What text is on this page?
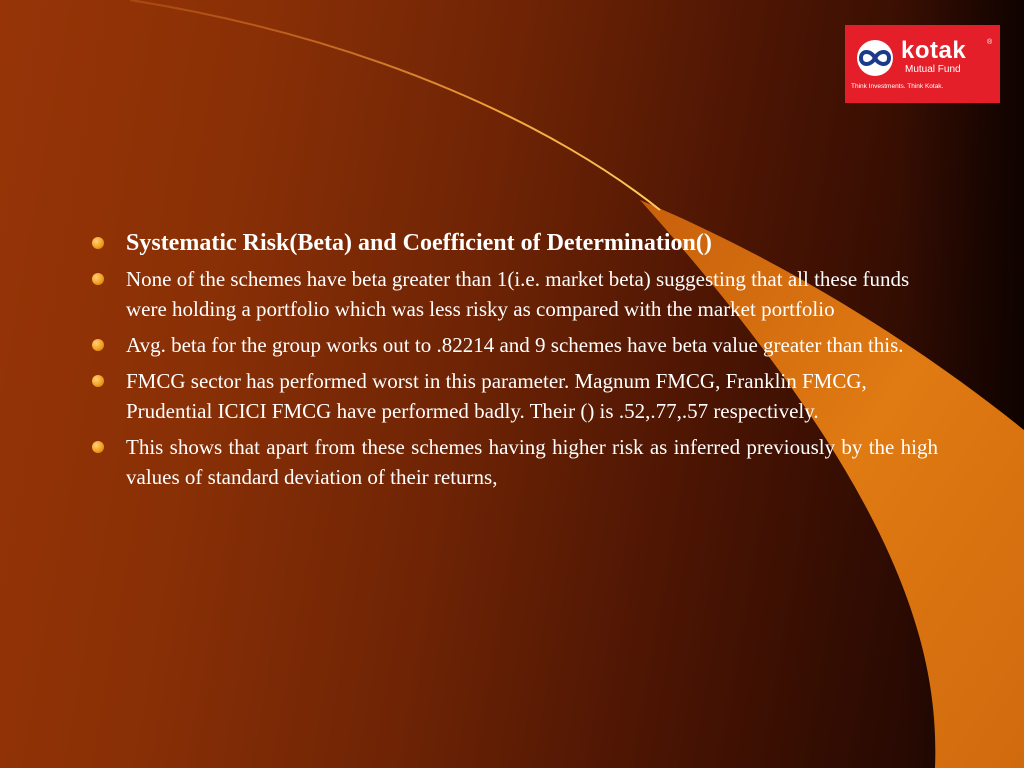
kotak	®
Mutual Fund
Think Investments. Think Kotak.
Systematic Risk(Beta) and Coefficient of Determination()
None of the schemes have beta greater than 1(i.e. market beta) suggesting that all these funds were holding a portfolio which was less risky as compared with the market portfolio
Avg. beta for the group works out to .82214 and 9 schemes have beta value greater than this.
FMCG sector has performed worst in this parameter. Magnum FMCG, Franklin FMCG, Prudential ICICI FMCG have performed badly. Their () is .52,.77,.57 respectively.
This shows that apart from these schemes having higher risk as inferred previously by the high values of standard deviation of their returns,
